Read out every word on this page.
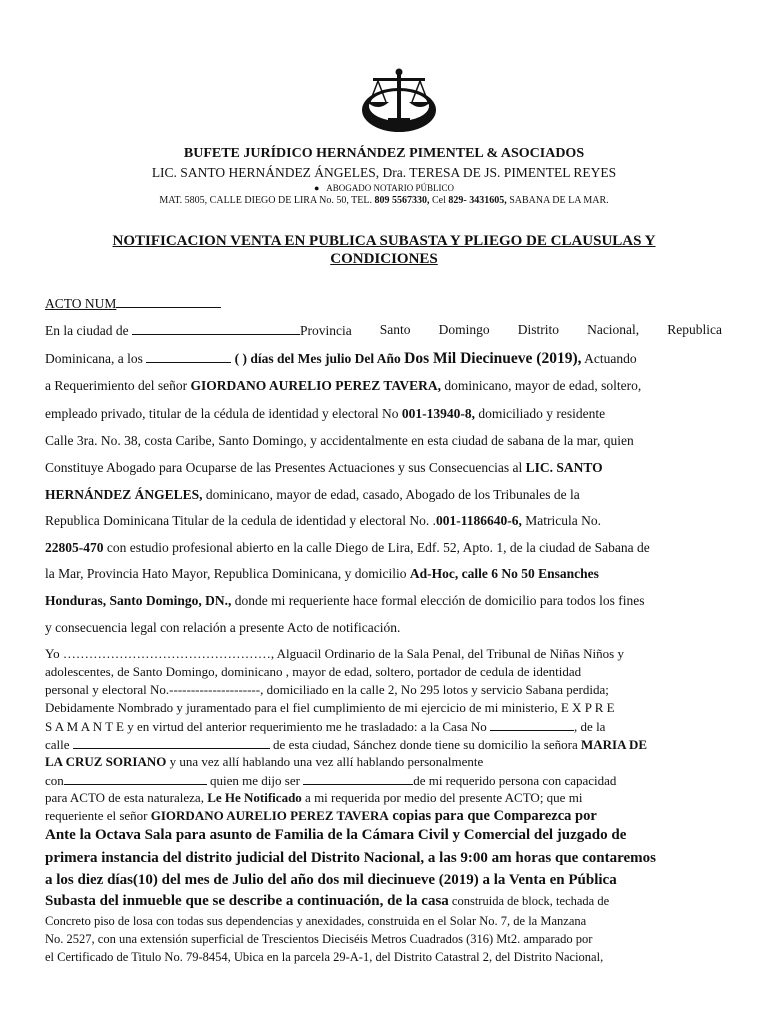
BUFETE JURÍDICO HERNÁNDEZ PIMENTEL & ASOCIADOS
LIC. SANTO HERNÁNDEZ ÁNGELES, Dra. TERESA DE JS. PIMENTEL REYES
●   ABOGADO NOTARIO PÚBLICO
MAT. 5805, CALLE DIEGO DE LIRA No. 50, TEL. 809 5567330, Cel 829- 3431605, SABANA DE LA MAR.
NOTIFICACION VENTA EN PUBLICA SUBASTA Y PLIEGO DE CLAUSULAS Y CONDICIONES
ACTO NUM
En la ciudad de	Provincia Santo Domingo Distrito Nacional, Republica
Dominicana, a los	( ) días del Mes julio Del Año Dos Mil Diecinueve (2019), Actuando
a Requerimiento del señor GIORDANO AURELIO PEREZ TAVERA, dominicano, mayor de edad, soltero,
empleado privado, titular de la cédula de identidad y electoral No 001-13940-8, domiciliado y residente
Calle 3ra. No. 38, costa Caribe, Santo Domingo, y accidentalmente en esta ciudad de sabana de la mar, quien
Constituye Abogado para Ocuparse de las Presentes Actuaciones y sus Consecuencias al LIC. SANTO
HERNÁNDEZ ÁNGELES, dominicano, mayor de edad, casado, Abogado de los Tribunales de la
Republica Dominicana Titular de la cedula de identidad y electoral No. .001-1186640-6, Matricula No.
22805-470 con estudio profesional abierto en la calle Diego de Lira, Edf. 52, Apto. 1, de la ciudad de Sabana de
la Mar, Provincia Hato Mayor, Republica Dominicana, y domicilio Ad-Hoc, calle 6 No 50 Ensanches
Honduras, Santo Domingo, DN., donde mi requeriente hace formal elección de domicilio para todos los fines
y consecuencia legal con relación a presente Acto de notificación.
Yo …………………………………………, Alguacil Ordinario de la Sala Penal, del Tribunal de Niñas Niños y
adolescentes, de Santo Domingo, dominicano , mayor de edad, soltero, portador de cedula de identidad
personal y electoral No.---------------------, domiciliado en la calle 2, No 295 lotos y servicio Sabana perdida;
Debidamente Nombrado y juramentado para el fiel cumplimiento de mi ejercicio de mi ministerio, E X P R E
S A M A N T E y en virtud del anterior requerimiento me he trasladado: a la Casa No	, de la
calle	de esta ciudad, Sánchez donde tiene su domicilio la señora MARIA DE
LA CRUZ SORIANO y una vez allí hablando una vez allí hablando personalmente
con	quien me dijo ser	de mi requerido persona con capacidad
para ACTO de esta naturaleza, Le He Notificado a mi requerida por medio del presente ACTO; que mi
requeriente el señor GIORDANO AURELIO PEREZ TAVERA copias para que Comparezca por
Ante la Octava Sala para asunto de Familia de la Cámara Civil y Comercial del juzgado de
primera instancia del distrito judicial del Distrito Nacional, a las 9:00 am horas que contaremos
a los diez días(10) del mes de Julio del año dos mil diecinueve (2019) a la Venta en Pública
Subasta del inmueble que se describe a continuación, de la casa construida de block, techada de
Concreto piso de losa con todas sus dependencias y anexidades, construida en el Solar No. 7, de la Manzana
No. 2527, con una extensión superficial de Trescientos Dieciséis Metros Cuadrados (316) Mt2. amparado por
el Certificado de Titulo No. 79-8454, Ubica en la parcela 29-A-1, del Distrito Catastral 2, del Distrito Nacional,
